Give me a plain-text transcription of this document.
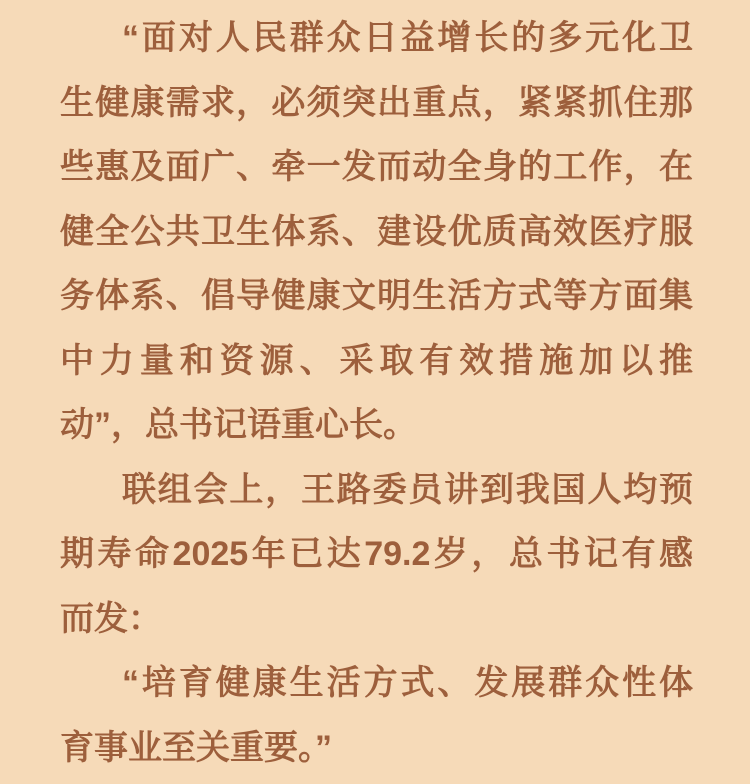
“面对人民群众日益增长的多元化卫

生健康需求，必须突出重点，紧紧抓住那

些惠及面广、牵一发而动全身的工作，在

健全公共卫生体系、建设优质高效医疗服

务体系、倡导健康文明生活方式等方面集

中力量和资源、采取有效措施加以推

动”，总书记语重心长。

联组会上，王路委员讲到我国人均预

期寿命2025年已达79.2岁，总书记有感

而发：

“培育健康生活方式、发展群众性体

育事业至关重要。”
